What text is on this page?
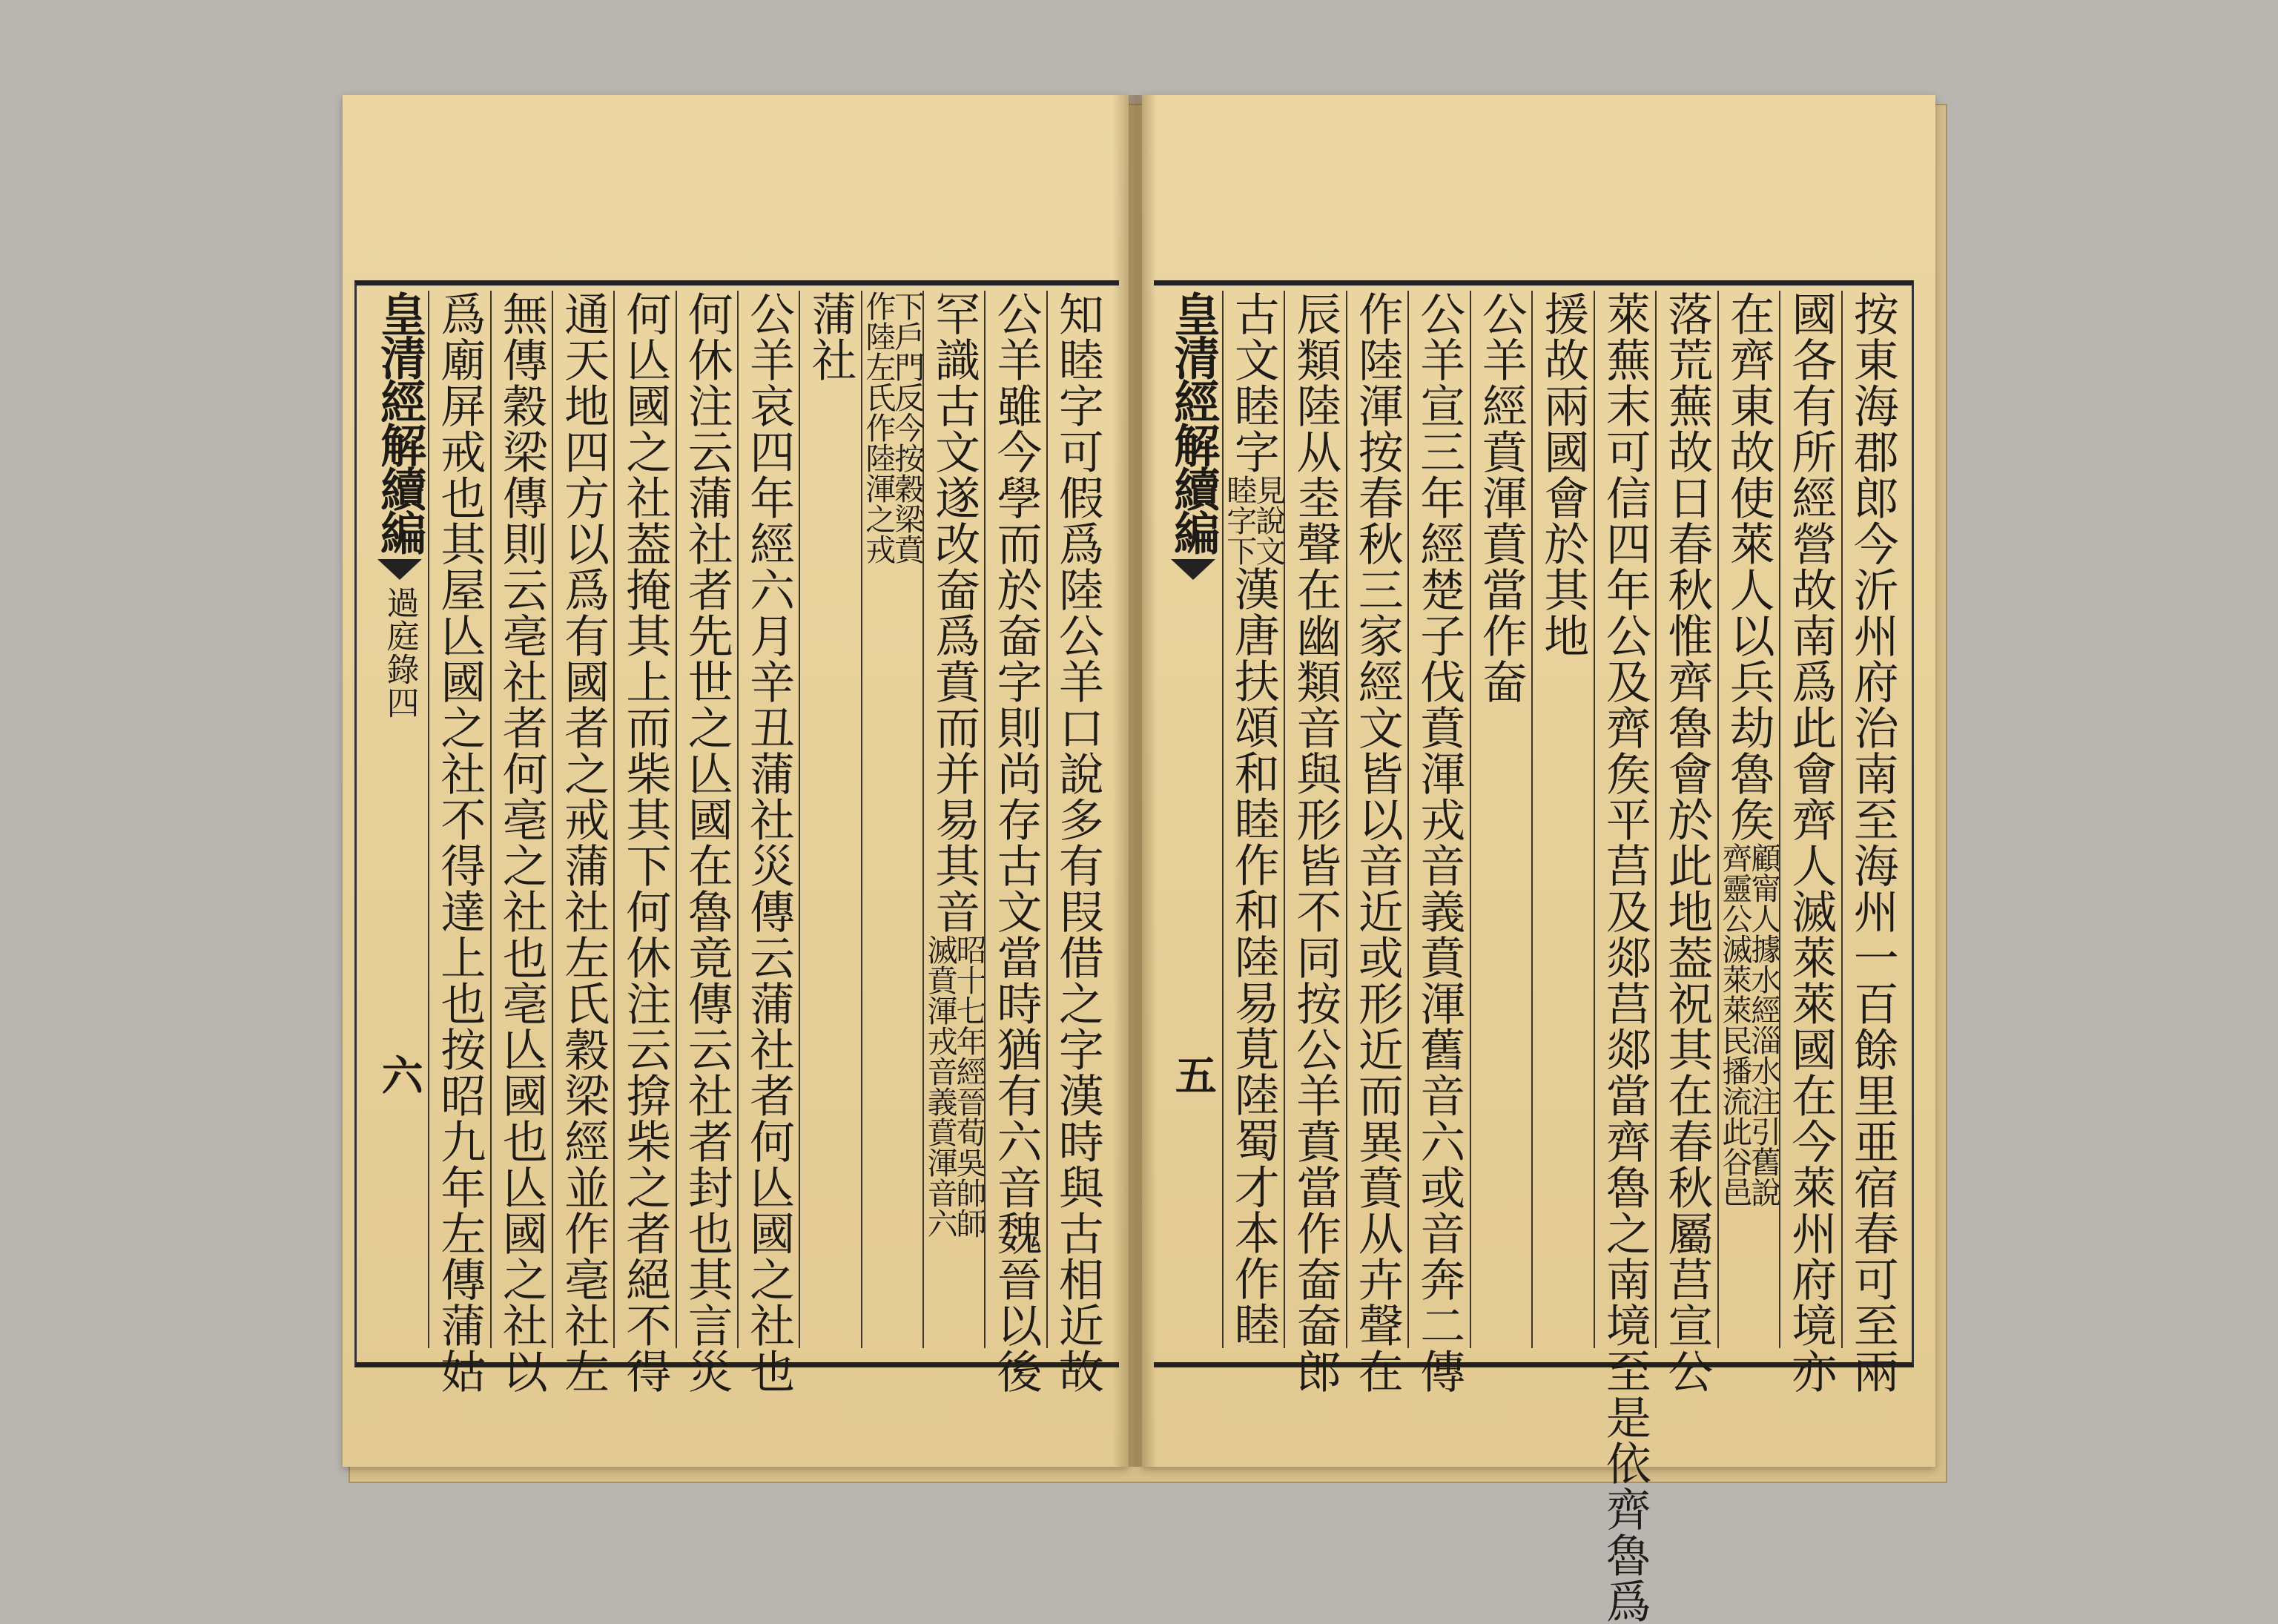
按東海郡郎今沂州府治南至海州一百餘里亜宿春可至兩
國各有所經營故南爲此會齊人滅萊萊國在今萊州府境亦
在齊東故使萊人以兵劫魯矦
顧甯人據水經淄水注引舊說
齊靈公滅萊萊民播流此谷邑
落荒蕪故日春秋惟齊魯會於此地葢祝其在春秋屬莒宣公
萊蕪末可信
四年公及齊矦平莒及郯莒郯當齊魯之南境至是依齊魯爲
援故兩國會於其地
公羊經賁渾賁當作奤
公羊宣三年經楚子伐賁渾戎音義賁渾舊音六或音奔二傳
作陸渾按春秋三家經文皆以音近或形近而異賁从卉聲在
辰類陸从坴聲在幽類音與形皆不同按公羊賁當作奤奤郎
古文睦字
見說文
睦字下
漢唐扶頌和睦作和陸易莧陸蜀才本作睦
皇清經解續編
五
知睦字可假爲陸公羊口說多有叚借之字漢時與古相近故
公羊雖今學而於奤字則尚存古文當時猶有六音魏晉以後
罕識古文遂改奤爲賁而并易其音
昭十七年經晉荀吳帥師
滅賁渾戎音義賁渾音六
下戶門反今按穀梁賁
作陸左氏作陸渾之戎
蒲社
公羊哀四年經六月辛丑蒲社災傳云蒲社者何亾國之社也
何休注云蒲社者先世之亾國在魯竟傳云社者封也其言災
何亾國之社葢掩其上而柴其下何休注云揜柴之者絕不得
通天地四方以爲有國者之戒蒲社左氏穀梁經並作亳社左
無傳穀梁傳則云亳社者何亳之社也亳亾國也亾國之社以
爲廟屏戒也其屋亾國之社不得達上也按昭九年左傳蒲姑
皇清經解續編
過庭錄四
六
